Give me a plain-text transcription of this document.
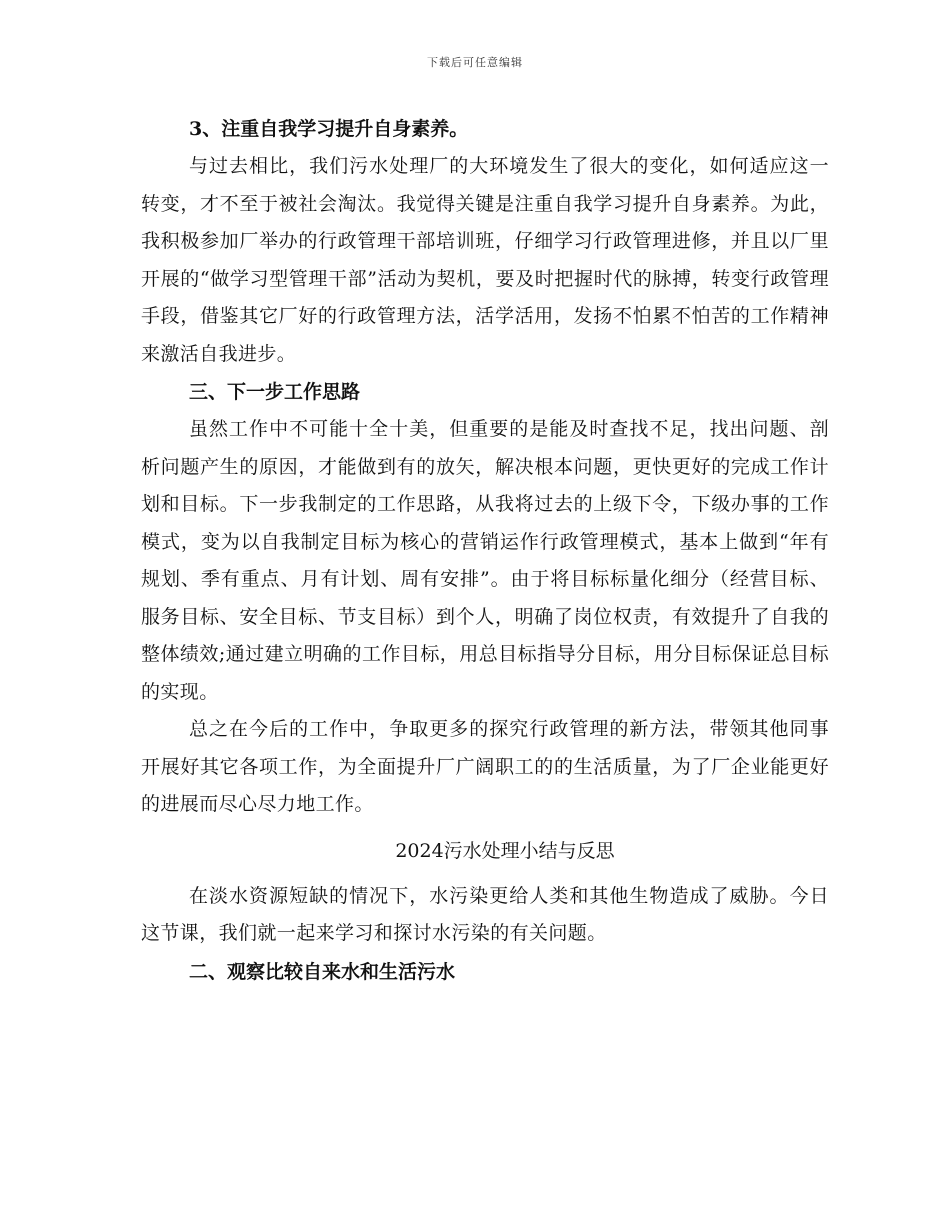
下载后可任意编辑

3、注重自我学习提升自身素养。

与过去相比，我们污水处理厂的大环境发生了很大的变化，如何适应这一转变，才不至于被社会淘汰。我觉得关键是注重自我学习提升自身素养。为此，我积极参加厂举办的行政管理干部培训班，仔细学习行政管理进修，并且以厂里开展的“做学习型管理干部”活动为契机，要及时把握时代的脉搏，转变行政管理手段，借鉴其它厂好的行政管理方法，活学活用，发扬不怕累不怕苦的工作精神来激活自我进步。

三、下一步工作思路

虽然工作中不可能十全十美，但重要的是能及时查找不足，找出问题、剖析问题产生的原因，才能做到有的放矢，解决根本问题，更快更好的完成工作计划和目标。下一步我制定的工作思路，从我将过去的上级下令，下级办事的工作模式，变为以自我制定目标为核心的营销运作行政管理模式，基本上做到“年有规划、季有重点、月有计划、周有安排”。由于将目标标量化细分（经营目标、服务目标、安全目标、节支目标）到个人，明确了岗位权责，有效提升了自我的整体绩效;通过建立明确的工作目标，用总目标指导分目标，用分目标保证总目标的实现。

总之在今后的工作中，争取更多的探究行政管理的新方法，带领其他同事开展好其它各项工作，为全面提升厂广阔职工的的生活质量，为了厂企业能更好的进展而尽心尽力地工作。

2024污水处理小结与反思

在淡水资源短缺的情况下，水污染更给人类和其他生物造成了威胁。今日这节课，我们就一起来学习和探讨水污染的有关问题。

二、观察比较自来水和生活污水
